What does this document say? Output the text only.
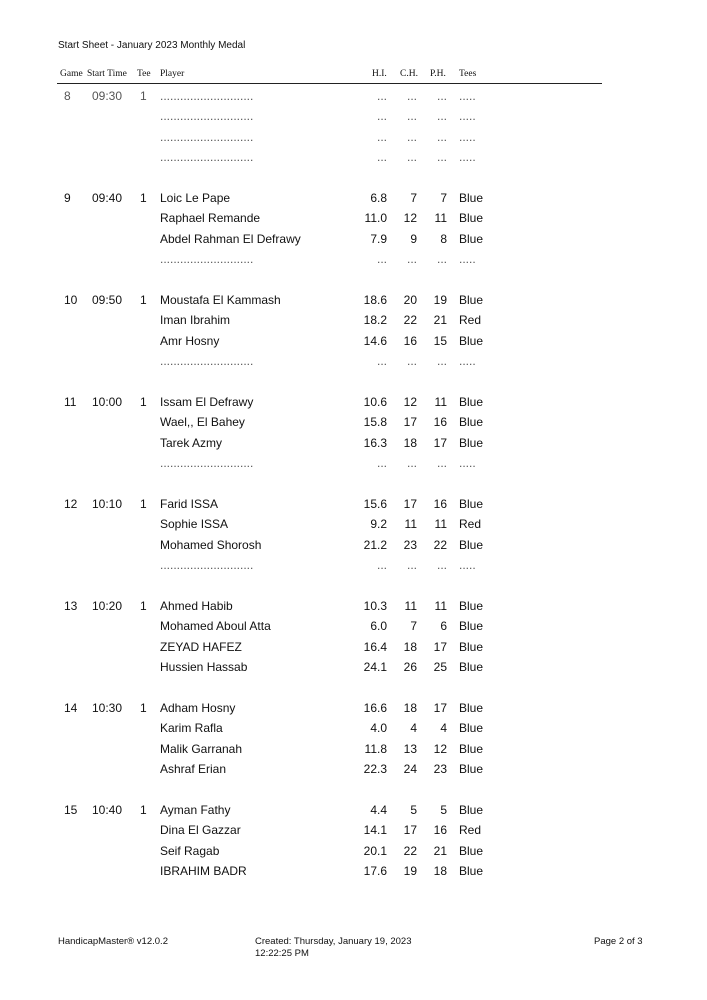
Start Sheet - January 2023 Monthly Medal
Game Start Time Tee Player	H.I. C.H. P.H. Tees
8 09:30 1 ............................	... ... ... .....
............................	... ... ... .....
............................	... ... ... .....
............................	... ... ... .....
9 09:40 1 Loic Le Pape	6.8 7 7 Blue
Raphael Remande	11.0 12 11 Blue
Abdel Rahman El Defrawy	7.9 9 8 Blue
............................	... ... ... .....
10 09:50 1 Moustafa El Kammash	18.6 20 19 Blue
Iman Ibrahim	18.2 22 21 Red
Amr Hosny	14.6 16 15 Blue
............................	... ... ... .....
11 10:00 1 Issam El Defrawy	10.6 12 11 Blue
Wael,, El Bahey	15.8 17 16 Blue
Tarek Azmy	16.3 18 17 Blue
............................	... ... ... .....
12 10:10 1 Farid ISSA	15.6 17 16 Blue
Sophie ISSA	9.2 11 11 Red
Mohamed Shorosh	21.2 23 22 Blue
............................	... ... ... .....
13 10:20 1 Ahmed Habib	10.3 11 11 Blue
Mohamed Aboul Atta	6.0 7 6 Blue
ZEYAD HAFEZ	16.4 18 17 Blue
Hussien Hassab	24.1 26 25 Blue
14 10:30 1 Adham Hosny	16.6 18 17 Blue
Karim Rafla	4.0 4 4 Blue
Malik Garranah	11.8 13 12 Blue
Ashraf Erian	22.3 24 23 Blue
15 10:40 1 Ayman Fathy	4.4 5 5 Blue
Dina El Gazzar	14.1 17 16 Red
Seif Ragab	20.1 22 21 Blue
IBRAHIM BADR	17.6 19 18 Blue
HandicapMaster® v12.0.2	Created: Thursday, January 19, 2023
12:22:25 PM
Page 2 of 3
